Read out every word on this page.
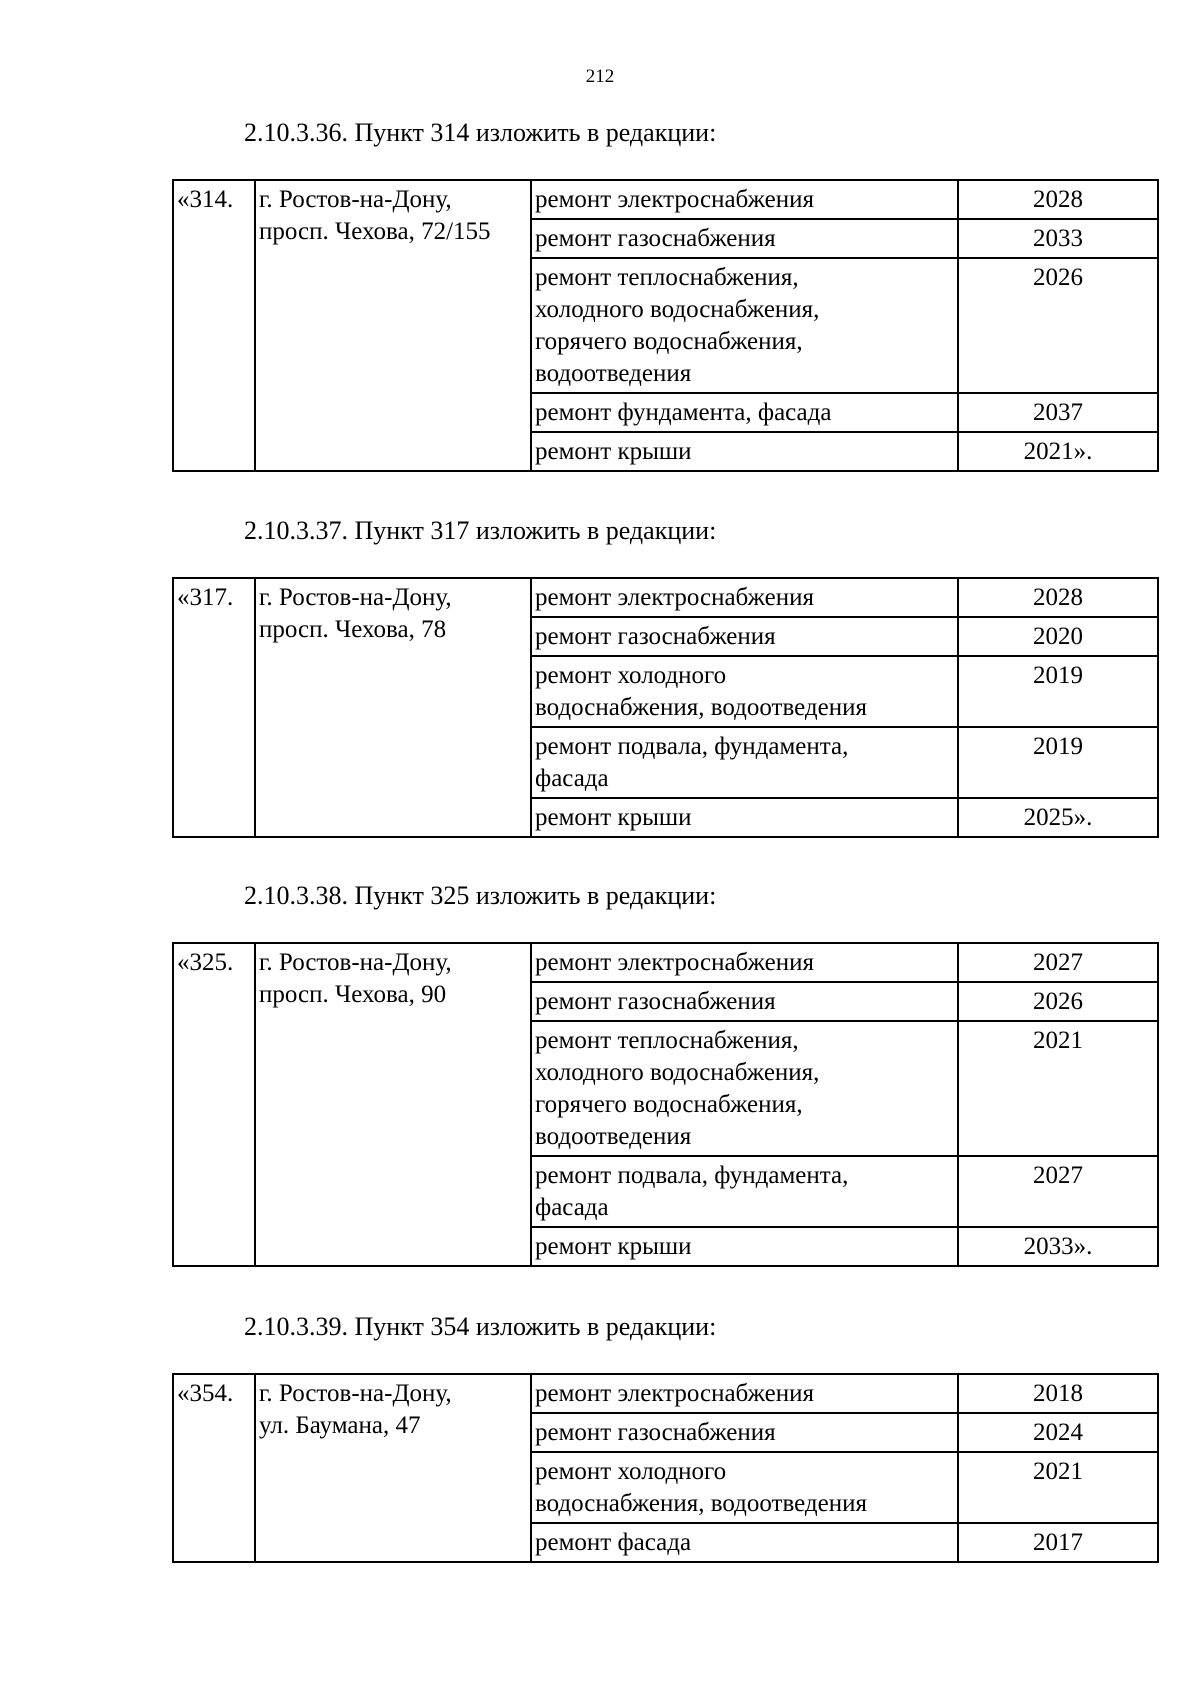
212
2.10.3.36. Пункт 314 изложить в редакции:
«314.	г. Ростов-на-Дону,
просп. Чехова, 72/155	ремонт электроснабжения	2028
		ремонт газоснабжения	2033
		ремонт теплоснабжения,
холодного водоснабжения,
горячего водоснабжения,
водоотведения	2026
		ремонт фундамента, фасада	2037
		ремонт крыши	2021».
2.10.3.37. Пункт 317 изложить в редакции:
«317.	г. Ростов-на-Дону,
просп. Чехова, 78	ремонт электроснабжения	2028
		ремонт газоснабжения	2020
		ремонт холодного
водоснабжения, водоотведения	2019
		ремонт подвала, фундамента,
фасада	2019
		ремонт крыши	2025».
2.10.3.38. Пункт 325 изложить в редакции:
«325.	г. Ростов-на-Дону,
просп. Чехова, 90	ремонт электроснабжения	2027
		ремонт газоснабжения	2026
		ремонт теплоснабжения,
холодного водоснабжения,
горячего водоснабжения,
водоотведения	2021
		ремонт подвала, фундамента,
фасада	2027
		ремонт крыши	2033».
2.10.3.39. Пункт 354 изложить в редакции:
«354.	г. Ростов-на-Дону,
ул. Баумана, 47	ремонт электроснабжения	2018
		ремонт газоснабжения	2024
		ремонт холодного
водоснабжения, водоотведения	2021
		ремонт фасада	2017
